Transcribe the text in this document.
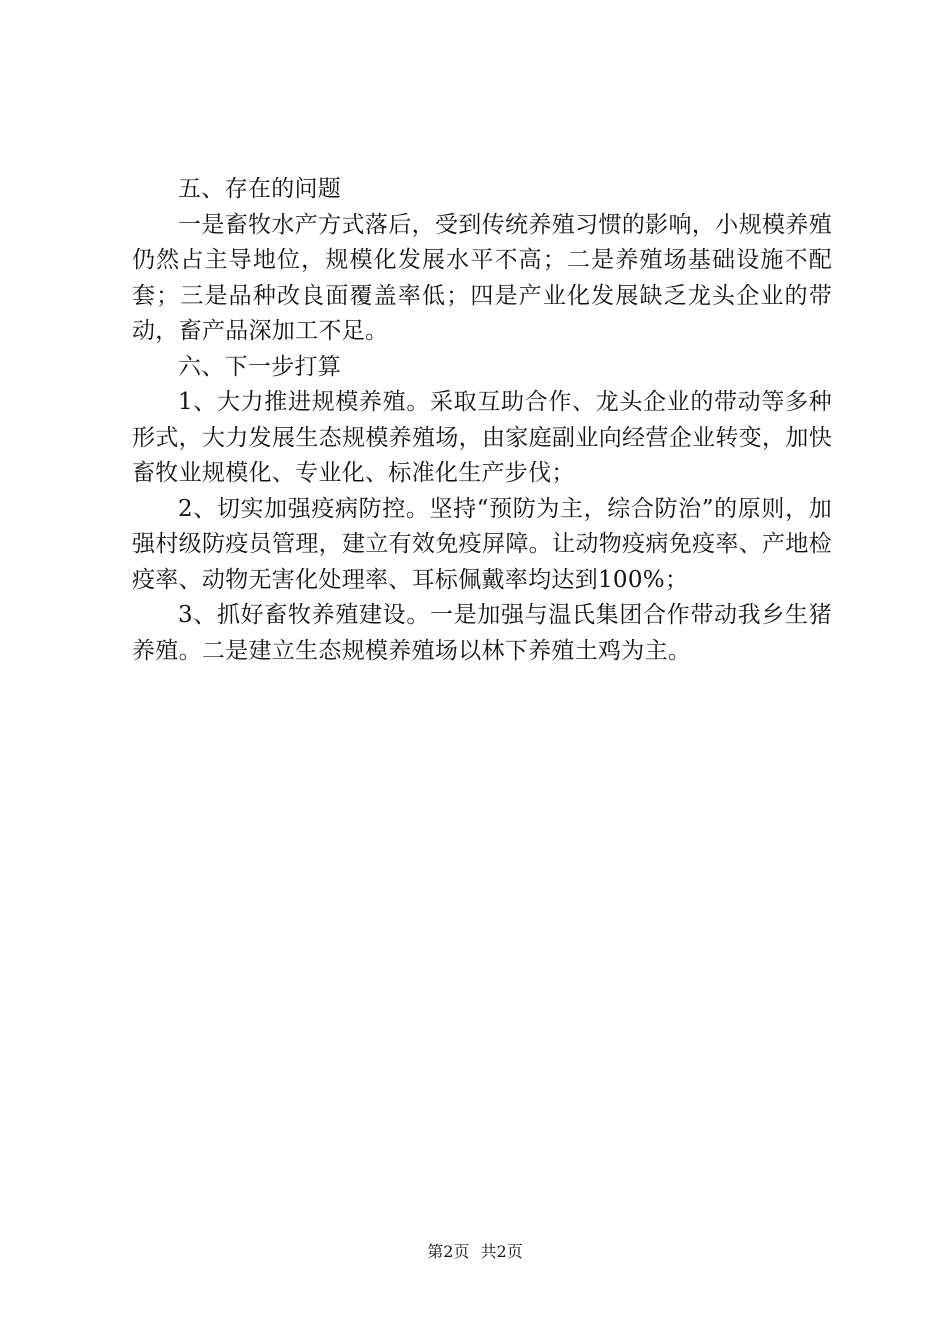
五、存在的问题

一是畜牧水产方式落后，受到传统养殖习惯的影响，小规模养殖仍然占主导地位，规模化发展水平不高；二是养殖场基础设施不配套；三是品种改良面覆盖率低；四是产业化发展缺乏龙头企业的带动，畜产品深加工不足。

六、下一步打算

1、大力推进规模养殖。采取互助合作、龙头企业的带动等多种形式，大力发展生态规模养殖场，由家庭副业向经营企业转变，加快畜牧业规模化、专业化、标准化生产步伐；

2、切实加强疫病防控。坚持“预防为主，综合防治”的原则，加强村级防疫员管理，建立有效免疫屏障。让动物疫病免疫率、产地检疫率、动物无害化处理率、耳标佩戴率均达到100%；

3、抓好畜牧养殖建设。一是加强与温氏集团合作带动我乡生猪养殖。二是建立生态规模养殖场以林下养殖土鸡为主。

第2页 共2页
